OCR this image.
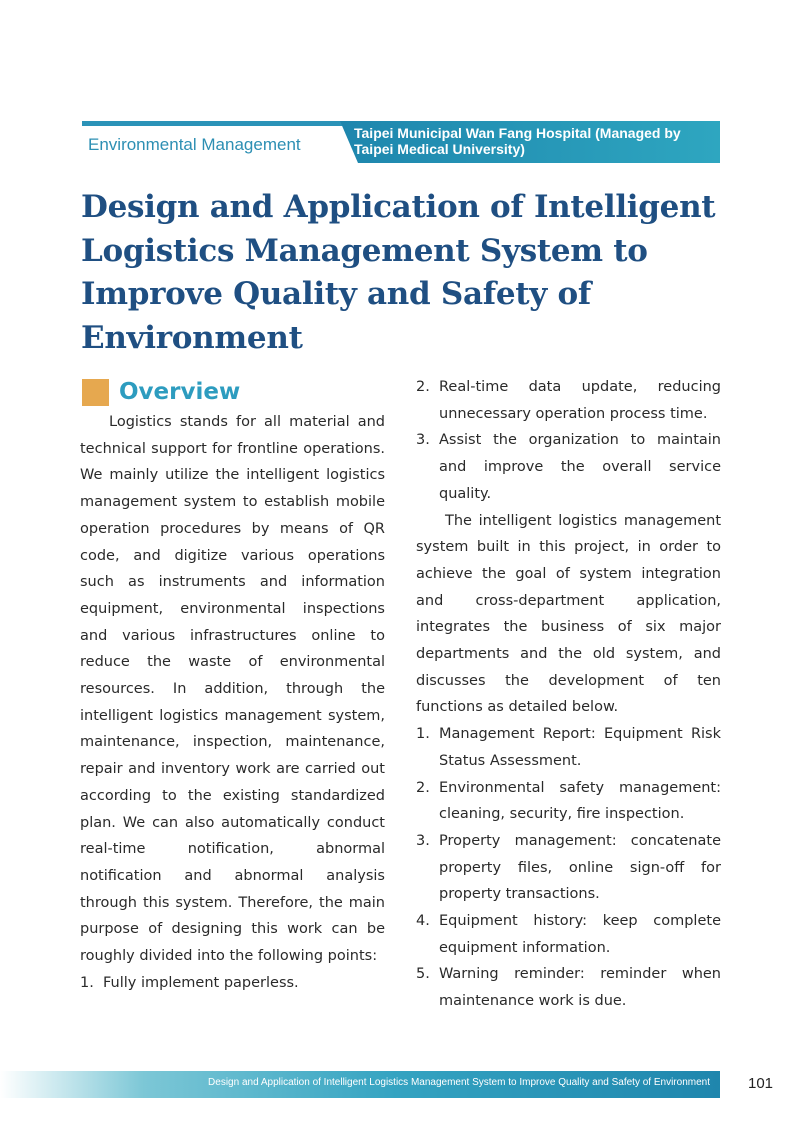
Environmental Management
Taipei Municipal Wan Fang Hospital (Managed by Taipei Medical University)
Design and Application of Intelligent Logistics Management System to Improve Quality and Safety of Environment
Overview

Logistics stands for all material and technical support for frontline operations. We mainly utilize the intelligent logistics management system to establish mobile operation procedures by means of QR code, and digitize various operations such as instruments and information equipment, environmental inspections and various infrastructures online to reduce the waste of environmental resources. In addition, through the intelligent logistics management system, maintenance, inspection, maintenance, repair and inventory work are carried out according to the existing standardized plan. We can also automatically conduct real-time notification, abnormal notification and abnormal analysis through this system. Therefore, the main purpose of designing this work can be roughly divided into the following points:

1. Fully implement paperless.
2. Real-time data update, reducing unnecessary operation process time.
3. Assist the organization to maintain and improve the overall service quality.

The intelligent logistics management system built in this project, in order to achieve the goal of system integration and cross-department application, integrates the business of six major departments and the old system, and discusses the development of ten functions as detailed below.

1. Management Report: Equipment Risk Status Assessment.
2. Environmental safety management: cleaning, security, fire inspection.
3. Property management: concatenate property files, online sign-off for property transactions.
4. Equipment history: keep complete equipment information.
5. Warning reminder: reminder when maintenance work is due.
Design and Application of Intelligent Logistics Management System to Improve Quality and Safety of Environment	101
